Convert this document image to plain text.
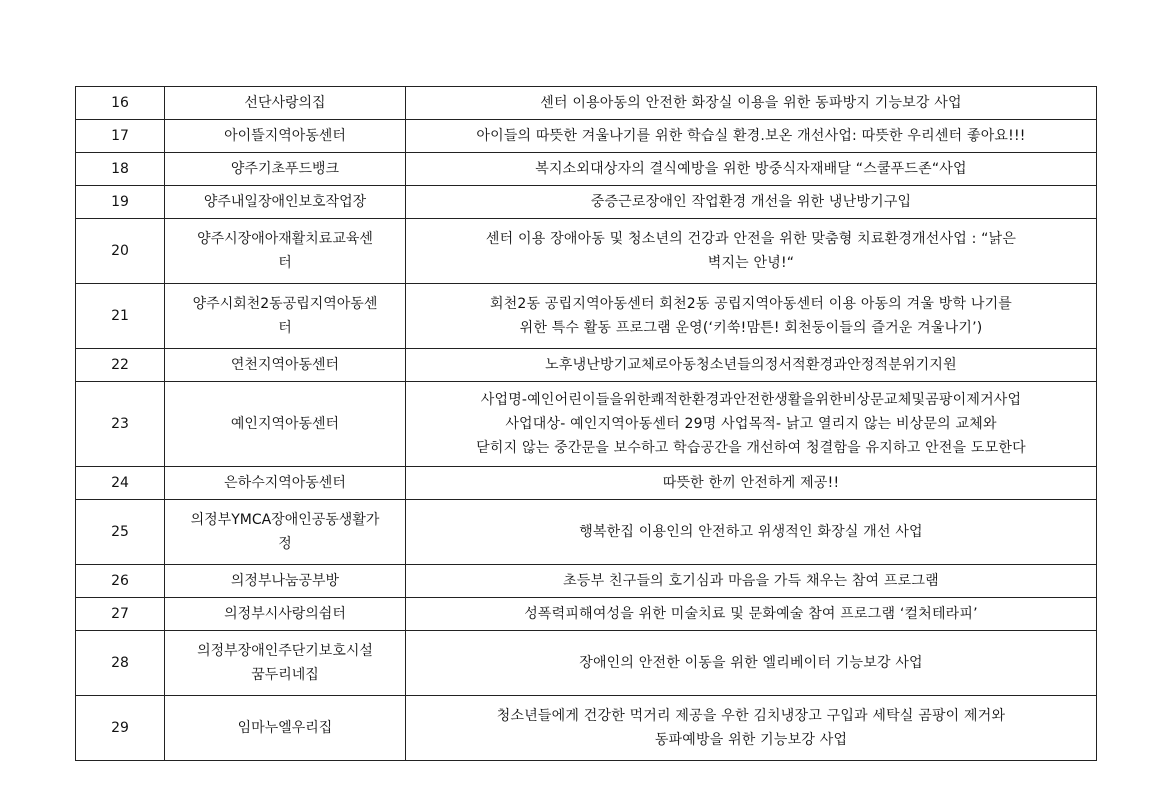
16	선단사랑의집	센터 이용아동의 안전한 화장실 이용을 위한 동파방지 기능보강 사업

17	아이뜰지역아동센터	아이들의 따뜻한 겨울나기를 위한 학습실 환경.보온 개선사업: 따뜻한 우리센터 좋아요!!!

18	양주기초푸드뱅크	복지소외대상자의 결식예방을 위한 방중식자재배달 “스쿨푸드존“사업

19	양주내일장애인보호작업장	중증근로장애인 작업환경 개선을 위한 냉난방기구입

20	양주시장애아재활치료교육센
터	센터 이용 장애아동 및 청소년의 건강과 안전을 위한 맞춤형 치료환경개선사업 : “낡은
벽지는 안녕!“

21	양주시회천2동공립지역아동센
터	회천2동 공립지역아동센터 회천2동 공립지역아동센터 이용 아동의 겨울 방학 나기를
위한 특수 활동 프로그램 운영(‘키쑥!맘튼! 회천둥이들의 즐거운 겨울나기’)

22	연천지역아동센터	노후냉난방기교체로아동청소년들의정서적환경과안정적분위기지원

23	예인지역아동센터	사업명-예인어린이들을위한쾌적한환경과안전한생활을위한비상문교체및곰팡이제거사업
사업대상- 예인지역아동센터 29명 사업목적- 낡고 열리지 않는 비상문의 교체와
닫히지 않는 중간문을 보수하고 학습공간을 개선하여 청결함을 유지하고 안전을 도모한다

24	은하수지역아동센터	따뜻한 한끼 안전하게 제공!!

25	의정부YMCA장애인공동생활가
정	행복한집 이용인의 안전하고 위생적인 화장실 개선 사업

26	의정부나눔공부방	초등부 친구들의 호기심과 마음을 가득 채우는 참여 프로그램

27	의정부시사랑의쉼터	성폭력피해여성을 위한 미술치료 및 문화예술 참여 프로그램 ‘컬처테라피’

28	의정부장애인주단기보호시설
꿈두리네집	장애인의 안전한 이동을 위한 엘리베이터 기능보강 사업

29	임마누엘우리집	청소년들에게 건강한 먹거리 제공을 우한 김치냉장고 구입과 세탁실 곰팡이 제거와
동파예방을 위한 기능보강 사업
